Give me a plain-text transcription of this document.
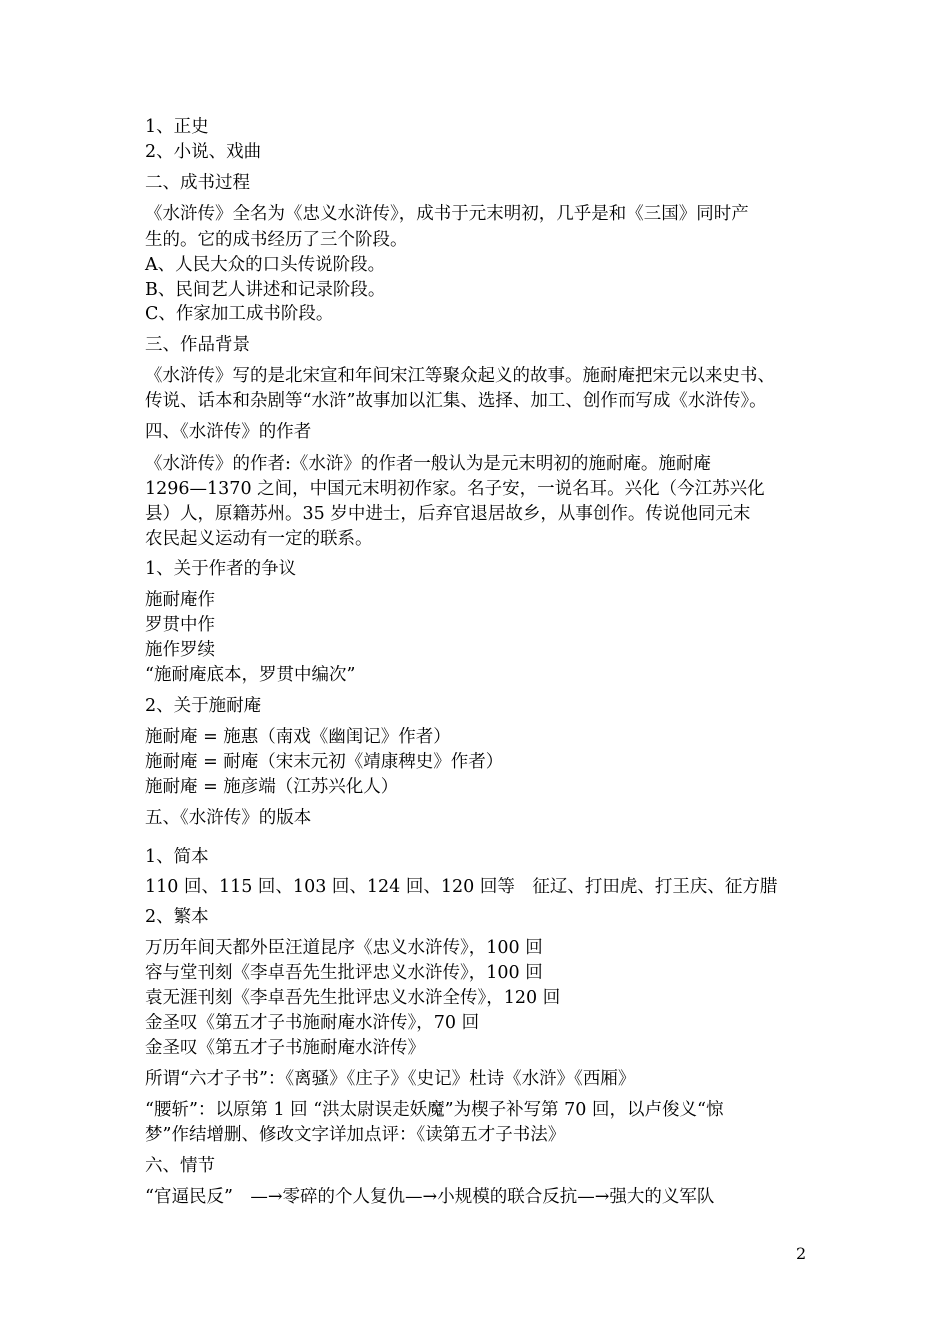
1、正史
2、小说、戏曲
二、成书过程
《水浒传》全名为《忠义水浒传》，成书于元末明初，几乎是和《三国》同时产
生的。它的成书经历了三个阶段。
A、人民大众的口头传说阶段。
B、民间艺人讲述和记录阶段。
C、作家加工成书阶段。
三、作品背景
《水浒传》写的是北宋宣和年间宋江等聚众起义的故事。施耐庵把宋元以来史书、
传说、话本和杂剧等“水浒”故事加以汇集、选择、加工、创作而写成《水浒传》。
四、《水浒传》的作者
《水浒传》的作者:《水浒》的作者一般认为是元末明初的施耐庵。施耐庵
1296—1370 之间，中国元末明初作家。名子安，一说名耳。兴化（今江苏兴化
县）人，原籍苏州。35 岁中进士，后弃官退居故乡，从事创作。传说他同元末
农民起义运动有一定的联系。
1、关于作者的争议
施耐庵作
罗贯中作
施作罗续
“施耐庵底本，罗贯中编次”
2、关于施耐庵
施耐庵 = 施惠（南戏《幽闺记》作者）
施耐庵 = 耐庵（宋末元初《靖康稗史》作者）
施耐庵 = 施彦端（江苏兴化人）
五、《水浒传》的版本
1、简本
110 回、115 回、103 回、124 回、120 回等　征辽、打田虎、打王庆、征方腊
2、繁本
万历年间天都外臣汪道昆序《忠义水浒传》，100 回
容与堂刊刻《李卓吾先生批评忠义水浒传》，100 回
袁无涯刊刻《李卓吾先生批评忠义水浒全传》，120 回
金圣叹《第五才子书施耐庵水浒传》，70 回
金圣叹《第五才子书施耐庵水浒传》
所谓“六才子书”：《离骚》《庄子》《史记》杜诗《水浒》《西厢》
“腰斩”：以原第 1 回 “洪太尉误走妖魔”为楔子补写第 70 回，以卢俊义“惊
梦”作结增删、修改文字详加点评：《读第五才子书法》
六、情节
“官逼民反”　—→零碎的个人复仇—→小规模的联合反抗—→强大的义军队
2
